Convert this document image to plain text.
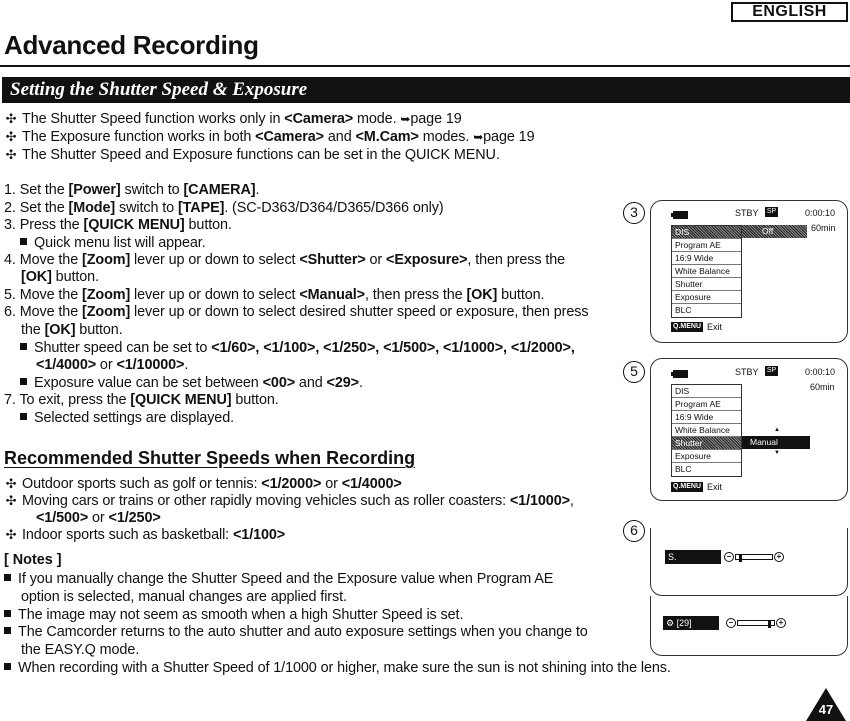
ENGLISH
Advanced Recording
Setting the Shutter Speed & Exposure
✣ The Shutter Speed function works only in <Camera> mode. ➥page 19
✣ The Exposure function works in both <Camera> and <M.Cam> modes. ➥page 19
✣ The Shutter Speed and Exposure functions can be set in the QUICK MENU.
1. Set the [Power] switch to [CAMERA].
2. Set the [Mode] switch to [TAPE]. (SC-D363/D364/D365/D366 only)
3. Press the [QUICK MENU] button.
Quick menu list will appear.
4. Move the [Zoom] lever up or down to select <Shutter> or <Exposure>, then press the
[OK] button.
5. Move the [Zoom] lever up or down to select <Manual>, then press the [OK] button.
6. Move the [Zoom] lever up or down to select desired shutter speed or exposure, then press
the [OK] button.
Shutter speed can be set to <1/60>, <1/100>, <1/250>, <1/500>, <1/1000>, <1/2000>,
<1/4000> or <1/10000>.
Exposure value can be set between <00> and <29>.
7. To exit, press the [QUICK MENU] button.
Selected settings are displayed.
Recommended Shutter Speeds when Recording
✣ Outdoor sports such as golf or tennis: <1/2000> or <1/4000>
✣ Moving cars or trains or other rapidly moving vehicles such as roller coasters: <1/1000>,
<1/500> or <1/250>
✣ Indoor sports such as basketball: <1/100>
[ Notes ]
If you manually change the Shutter Speed and the Exposure value when Program AE
option is selected, manual changes are applied first.
The image may not seem as smooth when a high Shutter Speed is set.
The Camcorder returns to the auto shutter and auto exposure settings when you change to
the EASY.Q mode.
When recording with a Shutter Speed of 1/1000 or higher, make sure the sun is not shining into the lens.
3	STBY SP	0:00:10
60min
DIS
Program AE
16:9 Wide
White Balance
Shutter
Exposure
BLC
Off
Q.MENU Exit
5	STBY SP	0:00:10
60min
DIS
Program AE
16:9 Wide
White Balance
Shutter
Exposure
BLC
▲
Manual
▼
Q.MENU Exit
6
S.	−	+
⚙ [29]	−	+
47
